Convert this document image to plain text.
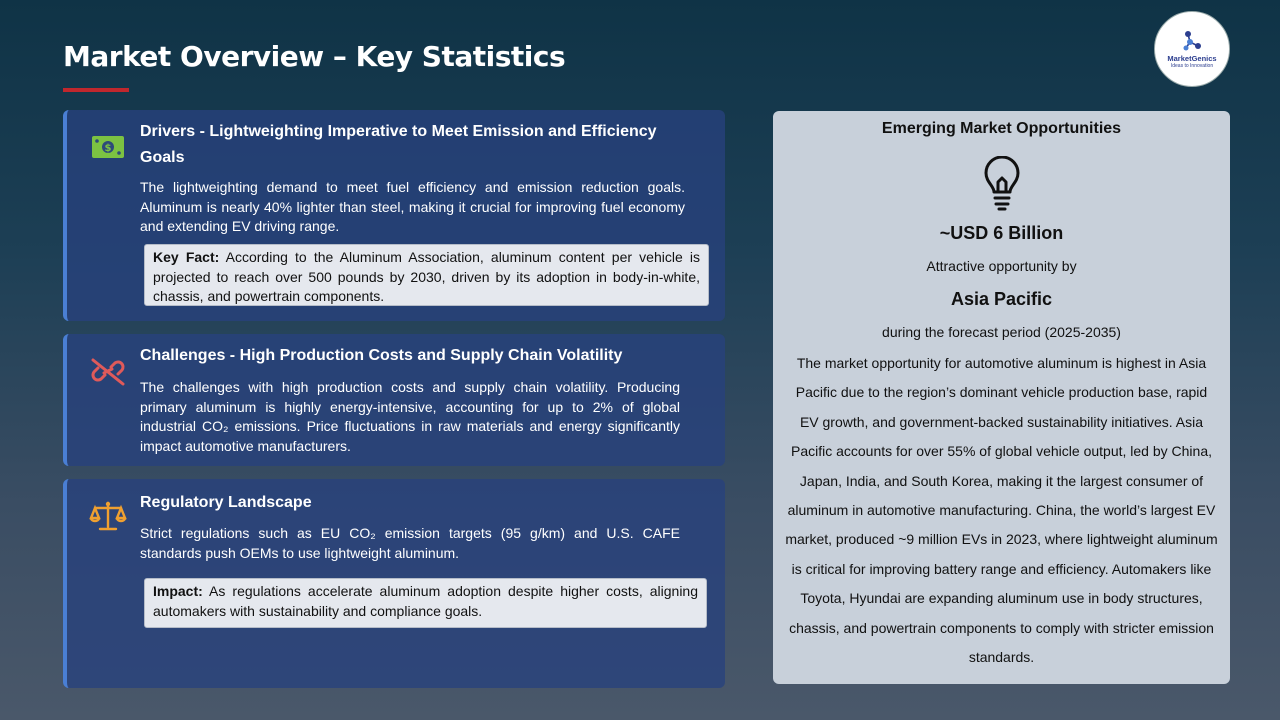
Market Overview – Key Statistics	MarketGenics
Ideas to Innovation
$
Drivers - Lightweighting Imperative to Meet Emission and Efficiency Goals
The lightweighting demand to meet fuel efficiency and emission reduction goals. Aluminum is nearly 40% lighter than steel, making it crucial for improving fuel economy and extending EV driving range.
Key Fact: According to the Aluminum Association, aluminum content per vehicle is projected to reach over 500 pounds by 2030, driven by its adoption in body-in-white, chassis, and powertrain components.
Challenges - High Production Costs and Supply Chain Volatility
The challenges with high production costs and supply chain volatility. Producing primary aluminum is highly energy-intensive, accounting for up to 2% of global industrial CO₂ emissions. Price fluctuations in raw materials and energy significantly impact automotive manufacturers.
Regulatory Landscape
Strict regulations such as EU CO₂ emission targets (95 g/km) and U.S. CAFE standards push OEMs to use lightweight aluminum.
Impact: As regulations accelerate aluminum adoption despite higher costs, aligning automakers with sustainability and compliance goals.
Emerging Market Opportunities
~USD 6 Billion
Attractive opportunity by
Asia Pacific
during the forecast period (2025-2035)
The market opportunity for automotive aluminum is highest in Asia Pacific due to the region’s dominant vehicle production base, rapid EV growth, and government-backed sustainability initiatives. Asia Pacific accounts for over 55% of global vehicle output, led by China, Japan, India, and South Korea, making it the largest consumer of aluminum in automotive manufacturing. China, the world’s largest EV market, produced ~9 million EVs in 2023, where lightweight aluminum is critical for improving battery range and efficiency. Automakers like Toyota, Hyundai are expanding aluminum use in body structures, chassis, and powertrain components to comply with stricter emission standards.
